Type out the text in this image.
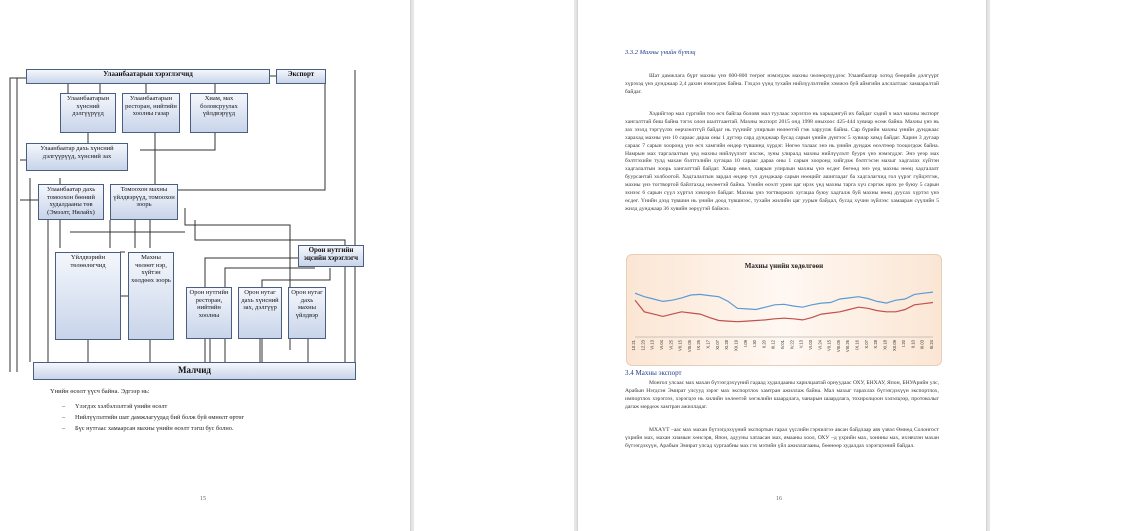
Улаанбаатарын хэрэглэгчид	Экспорт
Улаанбаатарын хүнсний дэлгүүрүүд
Улаанбаатарын ресторан, нийтийн хоолны газар
Хиам, мах боловсруулах үйлдвэрүүд
Улаанбаатар дахь хүнсний дэлгүүрүүд, хүнсний зах
Улаанбаатар дахь томоохон бөөний худалдааны төв (Эмээлт, Нялайх)
Томоохон махны үйлдвэрүүд, томоохон зоорь
Орон нутгийн эцсийн хэрэглэгч
Үйлдвэрийн төлөөлөгчид
Махны чөлөөт нэр, хүйтэн хөлдөөх зоорь
Орон нутгийн ресторан, нийтийн хоолны
Орон нутаг дахь хүнсний зах, дэлгүүр
Орон нутаг дахь махны үйлдвэр
Малчид
Үнийн өсөлт үүсч байна. Эдгээр нь:
– Үзэгдэх хэлбэлзэлтэй үнийн өсөлт
– Нийлүүлэлтийн шат дамжлагуудад бий болж буй өмнөлт өртөг
– Бүс нутгаас хамаарсан махны үнийн өсөлт тэгш бус болно.
15
3.3.2 Махны үнийн бүтэц
Шат дамжлага бүрт махны үнэ 600-800 төгрөг нэмэгдэж махны чөлөөрлүүдээс Улаанбаатар хотод бөөрийн дэлгүүрт хүрэхэд үнэ дунджаар 2,4 дахин нэмэгдэж байна. Гэхдээ үүнд тухайн нийлүүлэлтийн хэмжээ буй аймгийн алслалтаас хамааралтай байдаг.
Хэдийгээр мал сүргийн тоо өсч байгаа боловч мал туулаас хэрэглээ нь харьцангуй их байдаг хэдий ч мал махны экспорт хангалттай биш байна тэгэх олон шалтгаантай. Махны экспорт 2015 онд 1998 оныхоос 425-444 хувиар өсөж байна. Махны үнэ нь зах зээлд тэргүүлэх өөрчлөлтгүй байдаг нь түүнийг улирлын нөлөөтэй гэж харуулж байна. Сар бүрийн махны үнийн дунджаас харахад махны үнэ 10 сараас дараа оны 1 дүгээр сард дунджаар бусад сарын үнийн дүнгээс 5 хувиар хямд байдаг. Харин 3 дугаар сараас 7 сарын хооронд үнэ өсч хамгийн өндөр түвшинд хүрдэг. Нөгөө талаас энэ нь үнийн дундаж өсөлтөөр тооцогдож байна. Намрын мах таргалалтын үед махны нийлүүлэлт ихсэж, зуны улиралд махны нийлүүлэлт буурч үнэ нэмэгддэг. Энэ үеэр мах бэлтгэхийн тулд махан бэлтгэлийн хугацаа 10 сараас дараа оны 1 сарын хооронд хийгдэж бэлтгэсэн махыг хадгалах хүйтэн хадгалалтын зоорь хангалттай байдаг. Хавар өвөл, хаврын улирлын махны үнэ өсдөг бөгөөд энэ үед махны нөөц хадгалалт буурсантай холбоотой. Хадгалалтын зардал өндөр тул дунджаар сарын нөөцийг ашигладаг ба хадгалагчид гол үүрэг гүйцэтгэж, махны үнэ тогтвортой байлгахад нөлөөтэй байна. Үнийн өсөлт урин цаг ирэх үед махны тарга хүч сэргэж ирэх үе буюу 5 сарын эхнээс 6 сарын сүүл хүртэл хэвээрээ байдаг. Махны үнэ тогтворжих хугацаа буюу хадгалж буй махны нөөц дуусах хүртэл үнэ өсдөг. Үнийн дээд түвшин нь үнийн доод түвшнээс, тухайн жилийн цаг уурын байдал, бусад хүчин зүйлээс хамааран сүүлийн 5 жилд дунджаар 36 хувийн зөрүүтэй байжээ.
Махны үнийн хөдөлгөөн
10.21 12.23 VI.13 VI.04 VI.25 VII.15 VIII.05 IX.26 X.17 XI.07 XI.28 XII.19 I.09 I.30 II.20 III.12 IV.01 IV.22 V.13 VI.03 VI.24 VII.15 VIII.05 VIII.26 IX.16 X.07 X.28 XI.18 XII.09 I.20 II.10 III.03 III.24
3.4 Махны экспорт
Монгол улсаас мах махан бүтээгдэхүүний гадаад худалдааны харилцаатай орнуудаас ОХУ, БНХАУ, Япон, БНУАрийн улс, Арабын Нэгдсэн Эмират улсууд зэрэг мах экспортлох хамтран ажиллаж байна. Мал махыг тарахлах бүтээгдэхүүн экспортлох, импортлох хэрэглээ, хэрэгцээ нь хилийн хөлөөтэй хөгжлийн шаардлага, чанарын шаардлага, тохиролцоон хэлэлцээр, протоколыг дагаж мөрдөж хамтран ажилладаг.
МХАҮТ –аас мах махан бүтээгдэхүүний экспортын гарал үүслийн гэрчилгээ авсан байдлаар авч үзвэл Өмнөд Солонгост үхрийн мах, махан хиамын хөнсэрв, Япон, адууны хатаасан мах, ямааны хоол, ОХУ –д үхрийн мах, хонины мах, ихэвчлэн махан бүтээгдэхүүн, Арабын Эмират улсад хургаабны мах гэх мэтийн үйл ажиллагааны, бөөнөөр худалдах хэрэгцээний байдал.
16
